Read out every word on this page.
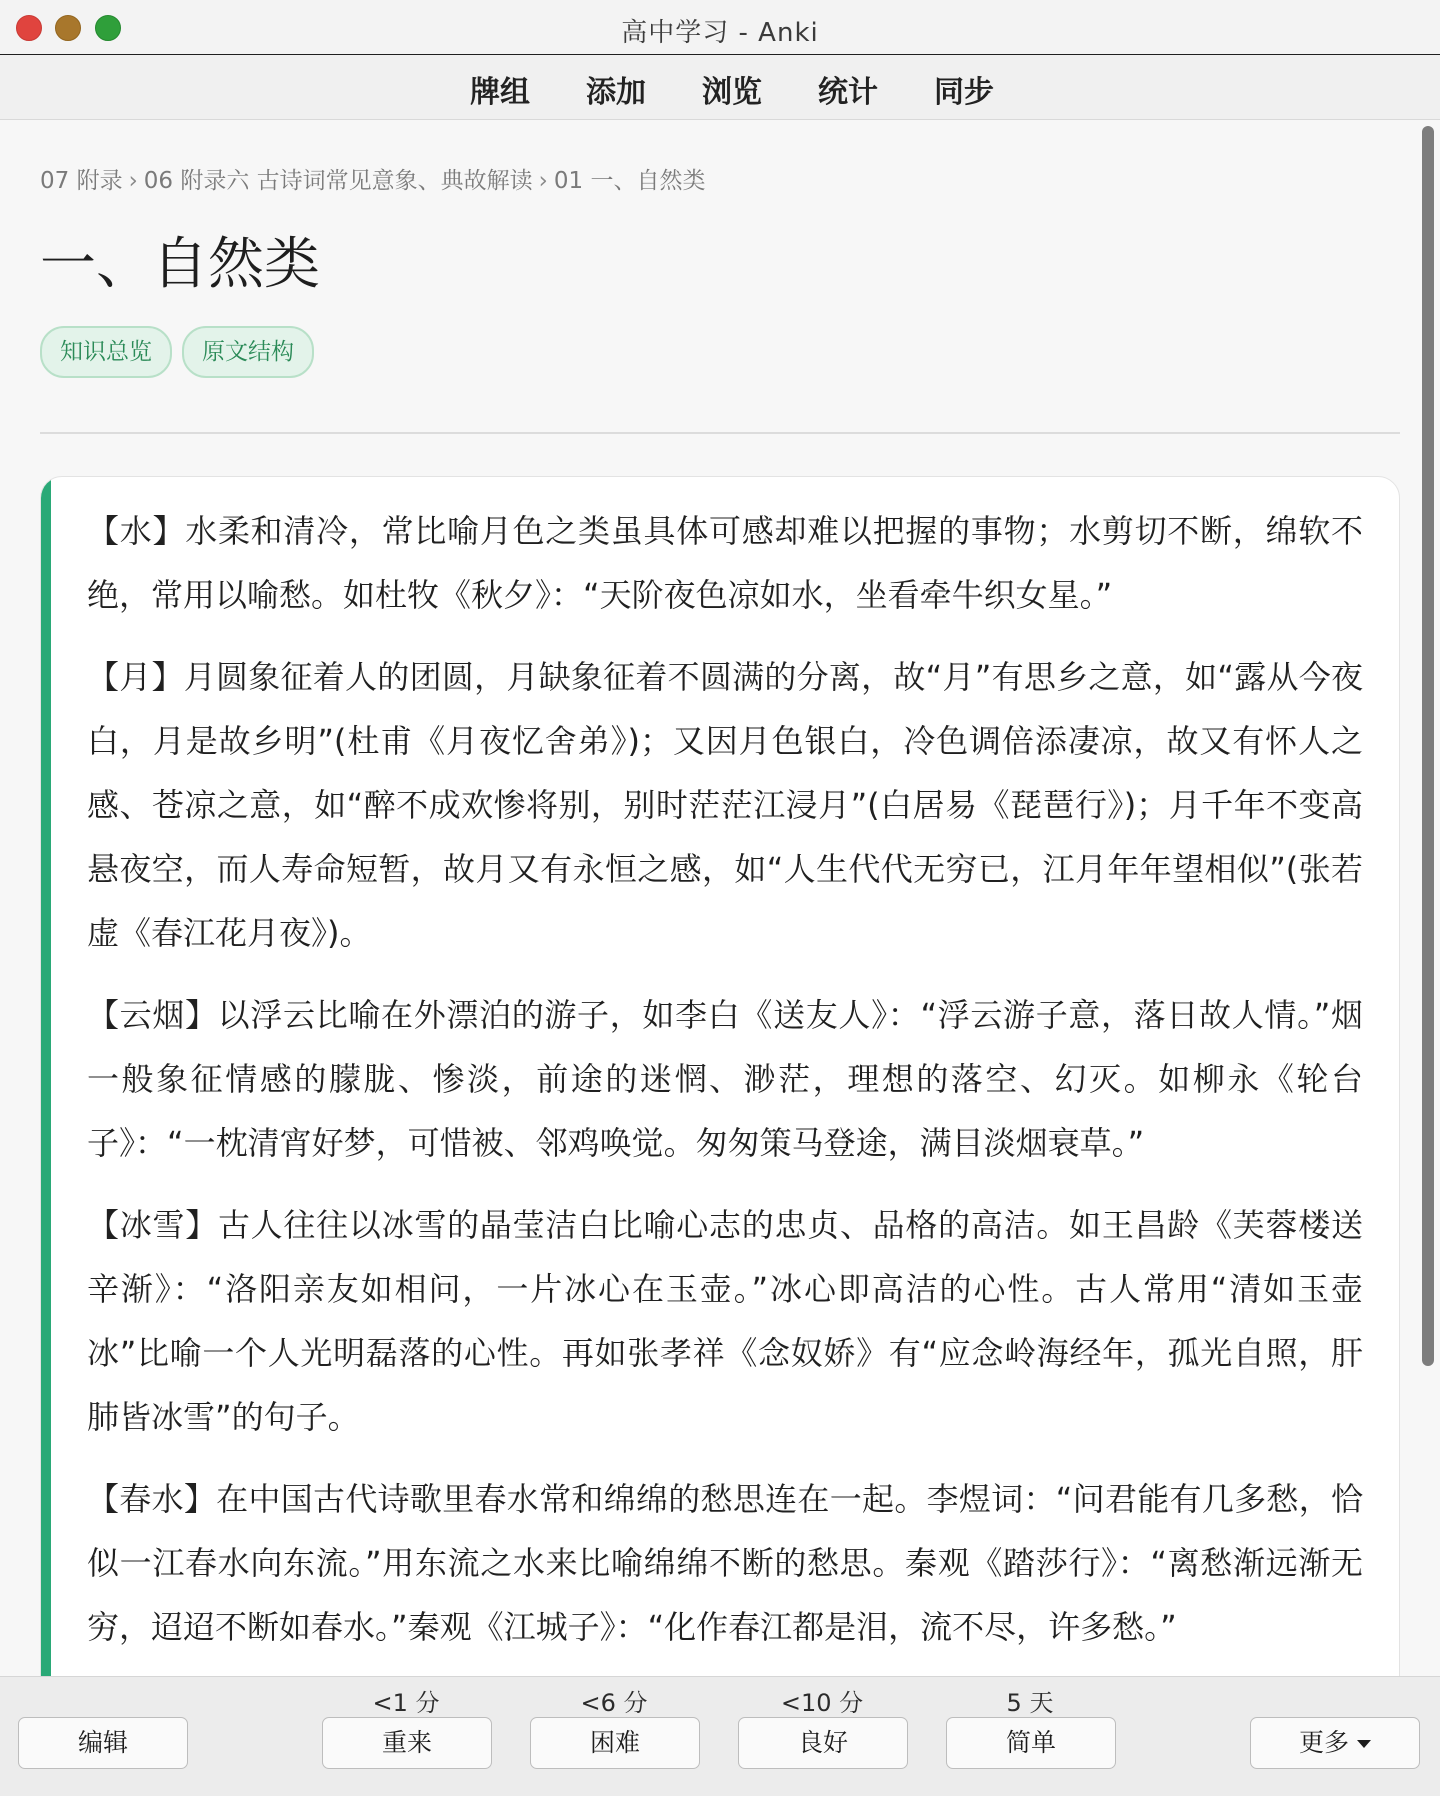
高中学习 - Anki
牌组	添加	浏览	统计	同步
07 附录 › 06 附录六 古诗词常见意象、典故解读 › 01 一、自然类
一、自然类
知识总览	原文结构

【水】水柔和清冷，常比喻月色之类虽具体可感却难以把握的事物；水剪切不断，绵软不绝，常用以喻愁。如杜牧《秋夕》：“天阶夜色凉如水，坐看牵牛织女星。”

【月】月圆象征着人的团圆，月缺象征着不圆满的分离，故“月”有思乡之意，如“露从今夜白，月是故乡明”(杜甫《月夜忆舍弟》)；又因月色银白，冷色调倍添凄凉，故又有怀人之感、苍凉之意，如“醉不成欢惨将别，别时茫茫江浸月”(白居易《琵琶行》)；月千年不变高悬夜空，而人寿命短暂，故月又有永恒之感，如“人生代代无穷已，江月年年望相似”(张若虚《春江花月夜》)。

【云烟】以浮云比喻在外漂泊的游子，如李白《送友人》：“浮云游子意，落日故人情。”烟一般象征情感的朦胧、惨淡，前途的迷惘、渺茫，理想的落空、幻灭。如柳永《轮台子》：“一枕清宵好梦，可惜被、邻鸡唤觉。匆匆策马登途，满目淡烟衰草。”

【冰雪】古人往往以冰雪的晶莹洁白比喻心志的忠贞、品格的高洁。如王昌龄《芙蓉楼送辛渐》：“洛阳亲友如相问，一片冰心在玉壶。”冰心即高洁的心性。古人常用“清如玉壶冰”比喻一个人光明磊落的心性。再如张孝祥《念奴娇》有“应念岭海经年，孤光自照，肝肺皆冰雪”的句子。

【春水】在中国古代诗歌里春水常和绵绵的愁思连在一起。李煜词：“问君能有几多愁，恰似一江春水向东流。”用东流之水来比喻绵绵不断的愁思。秦观《踏莎行》：“离愁渐远渐无穷，迢迢不断如春水。”秦观《江城子》：“化作春江都是泪，流不尽，许多愁。”

编辑
<1 分
重来
<6 分
困难
<10 分
良好
5 天
简单	更多
